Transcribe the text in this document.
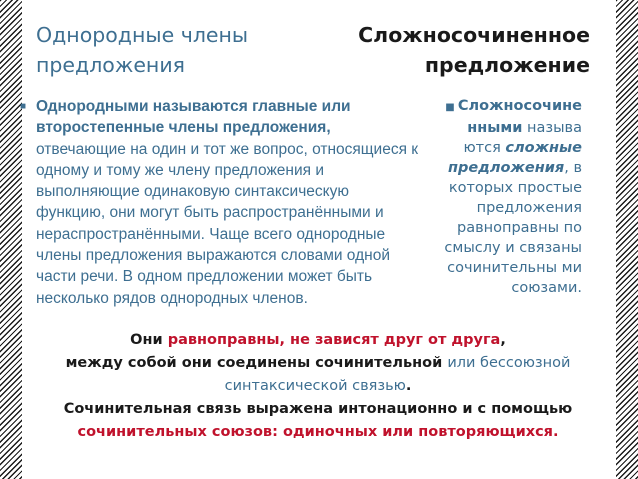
Однородные члены предложения
Сложносочиненное предложение
■ Однородными называются главные или второстепенные члены предложения, отвечающие на один и тот же вопрос, относящиеся к одному и тому же члену предложения и выполняющие одинаковую синтаксическую функцию, они могут быть распространёнными и нераспространёнными. Чаще всего однородные члены предложения выражаются словами одной части речи. В одном предложении может быть несколько рядов однородных членов.
■ Сложносочине нными называ ются сложные предложения, в которых простые предложения равноправны по смыслу и связаны сочинительны ми союзами.
Они равноправны, не зависят друг от друга,
между собой они соединены сочинительной или бессоюзной синтаксической связью.
Сочинительная связь выражена интонационно и с помощью
сочинительных союзов: одиночных или повторяющихся.
